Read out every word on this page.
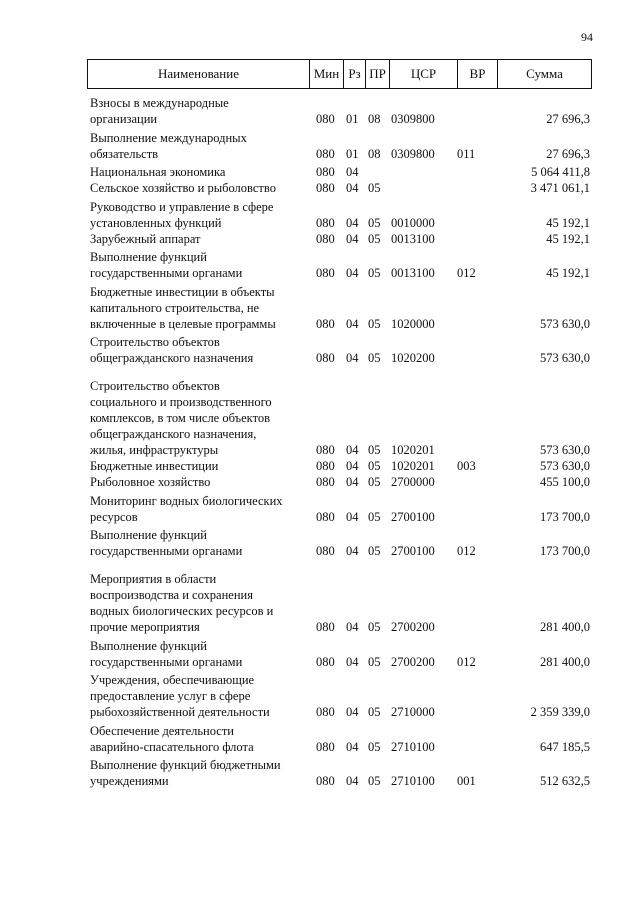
94
Наименование	Мин Рз ПР	ЦСР	ВР	Сумма
Взносы в международные
организации	080 01 08 0309800	27 696,3
Выполнение международных
обязательств	080 01 08 0309800	011	27 696,3
Национальная экономика	080 04	5 064 411,8
Сельское хозяйство и рыболовство	080 04 05	3 471 061,1
Руководство и управление в сфере
установленных функций	080 04 05 0010000	45 192,1
Зарубежный аппарат	080 04 05 0013100	45 192,1
Выполнение функций
государственными органами	080 04 05 0013100	012	45 192,1
Бюджетные инвестиции в объекты
капитального строительства, не
включенные в целевые программы	080 04 05 1020000	573 630,0
Строительство объектов
общегражданского назначения	080 04 05 1020200	573 630,0
Строительство объектов
социального и производственного
комплексов, в том числе объектов
общегражданского назначения,
жилья, инфраструктуры	080 04 05 1020201	573 630,0
Бюджетные инвестиции	080 04 05 1020201	003	573 630,0
Рыболовное хозяйство	080 04 05 2700000	455 100,0
Мониторинг водных биологических
ресурсов	080 04 05 2700100	173 700,0
Выполнение функций
государственными органами	080 04 05 2700100	012	173 700,0
Мероприятия в области
воспроизводства и сохранения
водных биологических ресурсов и
прочие мероприятия	080 04 05 2700200	281 400,0
Выполнение функций
государственными органами	080 04 05 2700200	012	281 400,0
Учреждения, обеспечивающие
предоставление услуг в сфере
рыбохозяйственной деятельности	080 04 05 2710000	2 359 339,0
Обеспечение деятельности
аварийно-спасательного флота	080 04 05 2710100	647 185,5
Выполнение функций бюджетными
учреждениями	080 04 05 2710100	001	512 632,5
